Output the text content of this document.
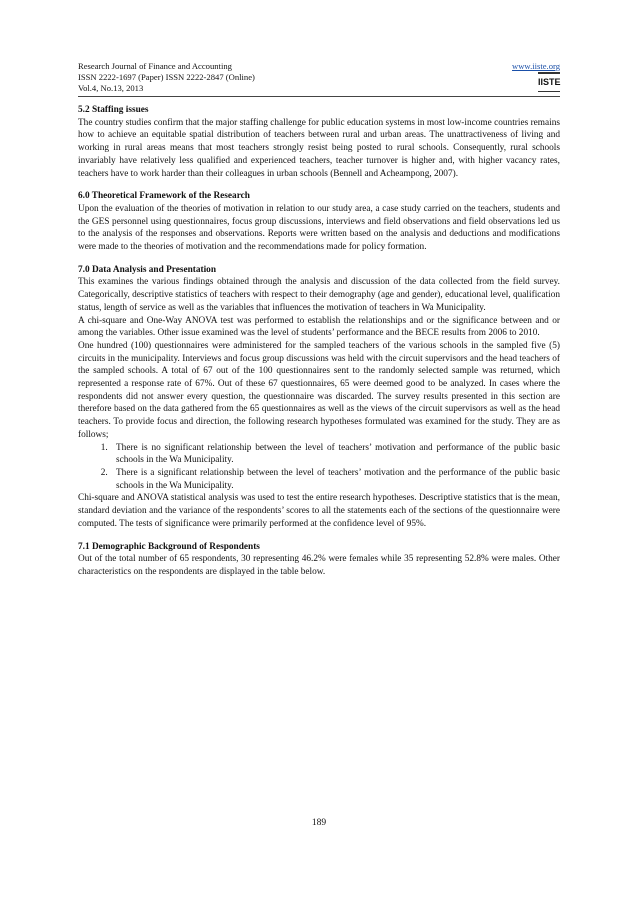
Research Journal of Finance and Accounting
ISSN 2222-1697 (Paper) ISSN 2222-2847 (Online)
Vol.4, No.13, 2013
www.iiste.org
IISTE
5.2 Staffing issues

The country studies confirm that the major staffing challenge for public education systems in most low-income countries remains how to achieve an equitable spatial distribution of teachers between rural and urban areas. The unattractiveness of living and working in rural areas means that most teachers strongly resist being posted to rural schools. Consequently, rural schools invariably have relatively less qualified and experienced teachers, teacher turnover is higher and, with higher vacancy rates, teachers have to work harder than their colleagues in urban schools (Bennell and Acheampong, 2007).

6.0 Theoretical Framework of the Research

Upon the evaluation of the theories of motivation in relation to our study area, a case study carried on the teachers, students and the GES personnel using questionnaires, focus group discussions, interviews and field observations and field observations led us to the analysis of the responses and observations. Reports were written based on the analysis and deductions and modifications were made to the theories of motivation and the recommendations made for policy formation.

7.0 Data Analysis and Presentation

This examines the various findings obtained through the analysis and discussion of the data collected from the field survey. Categorically, descriptive statistics of teachers with respect to their demography (age and gender), educational level, qualification status, length of service as well as the variables that influences the motivation of teachers in Wa Municipality.

A chi-square and One-Way ANOVA test was performed to establish the relationships and or the significance between and or among the variables. Other issue examined was the level of students’ performance and the BECE results from 2006 to 2010.

One hundred (100) questionnaires were administered for the sampled teachers of the various schools in the sampled five (5) circuits in the municipality. Interviews and focus group discussions was held with the circuit supervisors and the head teachers of the sampled schools. A total of 67 out of the 100 questionnaires sent to the randomly selected sample was returned, which represented a response rate of 67%. Out of these 67 questionnaires, 65 were deemed good to be analyzed. In cases where the respondents did not answer every question, the questionnaire was discarded. The survey results presented in this section are therefore based on the data gathered from the 65 questionnaires as well as the views of the circuit supervisors as well as the head teachers. To provide focus and direction, the following research hypotheses formulated was examined for the study. They are as follows;

1. There is no significant relationship between the level of teachers’ motivation and performance of the public basic schools in the Wa Municipality.
2. There is a significant relationship between the level of teachers’ motivation and the performance of the public basic schools in the Wa Municipality.

Chi-square and ANOVA statistical analysis was used to test the entire research hypotheses. Descriptive statistics that is the mean, standard deviation and the variance of the respondents’ scores to all the statements each of the sections of the questionnaire were computed. The tests of significance were primarily performed at the confidence level of 95%.

7.1 Demographic Background of Respondents

Out of the total number of 65 respondents, 30 representing 46.2% were females while 35 representing 52.8% were males. Other characteristics on the respondents are displayed in the table below.

189
